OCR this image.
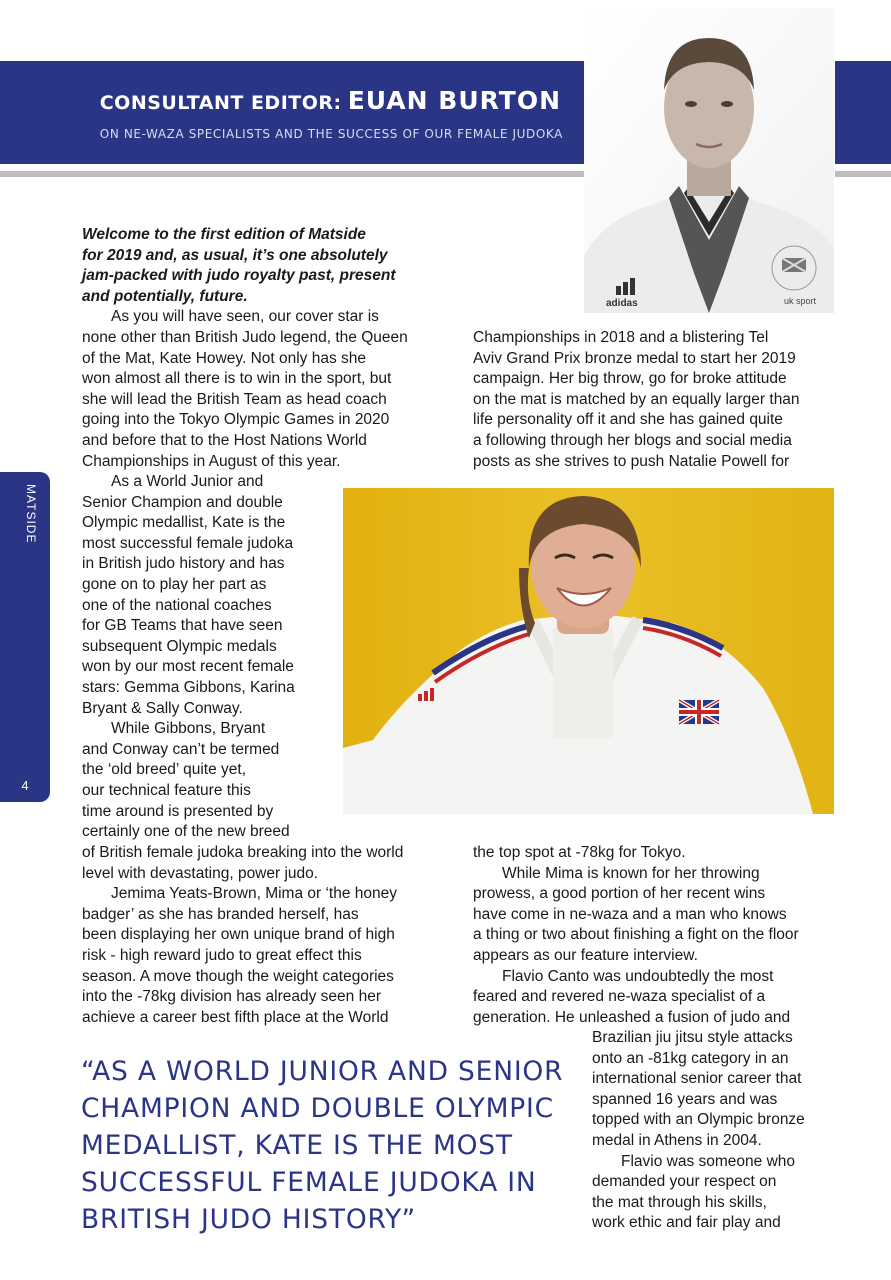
CONSULTANT EDITOR: EUAN BURTON
ON NE-WAZA SPECIALISTS AND THE SUCCESS OF OUR FEMALE JUDOKA
adidas	uk sport
MATSIDE
4

Welcome to the first edition of Matside

for 2019 and, as usual, it’s one absolutely

jam-packed with judo royalty past, present

and potentially, future.

As you will have seen, our cover star is

none other than British Judo legend, the Queen

of the Mat, Kate Howey. Not only has she

won almost all there is to win in the sport, but

she will lead the British Team as head coach

going into the Tokyo Olympic Games in 2020

and before that to the Host Nations World

Championships in August of this year.

As a World Junior and

Senior Champion and double

Olympic medallist, Kate is the

most successful female judoka

in British judo history and has

gone on to play her part as

one of the national coaches

for GB Teams that have seen

subsequent Olympic medals

won by our most recent female

stars: Gemma Gibbons, Karina

Bryant & Sally Conway.

While Gibbons, Bryant

and Conway can’t be termed

the ‘old breed’ quite yet,

our technical feature this

time around is presented by

certainly one of the new breed

of British female judoka breaking into the world

level with devastating, power judo.

Jemima Yeats-Brown, Mima or ‘the honey

badger’ as she has branded herself, has

been displaying her own unique brand of high

risk - high reward judo to great effect this

season. A move though the weight categories

into the -78kg division has already seen her

achieve a career best fifth place at the World

Championships in 2018 and a blistering Tel

Aviv Grand Prix bronze medal to start her 2019

campaign. Her big throw, go for broke attitude

on the mat is matched by an equally larger than

life personality off it and she has gained quite

a following through her blogs and social media

posts as she strives to push Natalie Powell for

the top spot at -78kg for Tokyo.

While Mima is known for her throwing

prowess, a good portion of her recent wins

have come in ne-waza and a man who knows

a thing or two about finishing a fight on the floor

appears as our feature interview.

Flavio Canto was undoubtedly the most

feared and revered ne-waza specialist of a

generation. He unleashed a fusion of judo and

Brazilian jiu jitsu style attacks

onto an -81kg category in an

international senior career that

spanned 16 years and was

topped with an Olympic bronze

medal in Athens in 2004.

Flavio was someone who

demanded your respect on

the mat through his skills,

work ethic and fair play and

“AS A WORLD JUNIOR AND SENIOR

CHAMPION AND DOUBLE OLYMPIC

MEDALLIST, KATE IS THE MOST

SUCCESSFUL FEMALE JUDOKA IN

BRITISH JUDO HISTORY”
